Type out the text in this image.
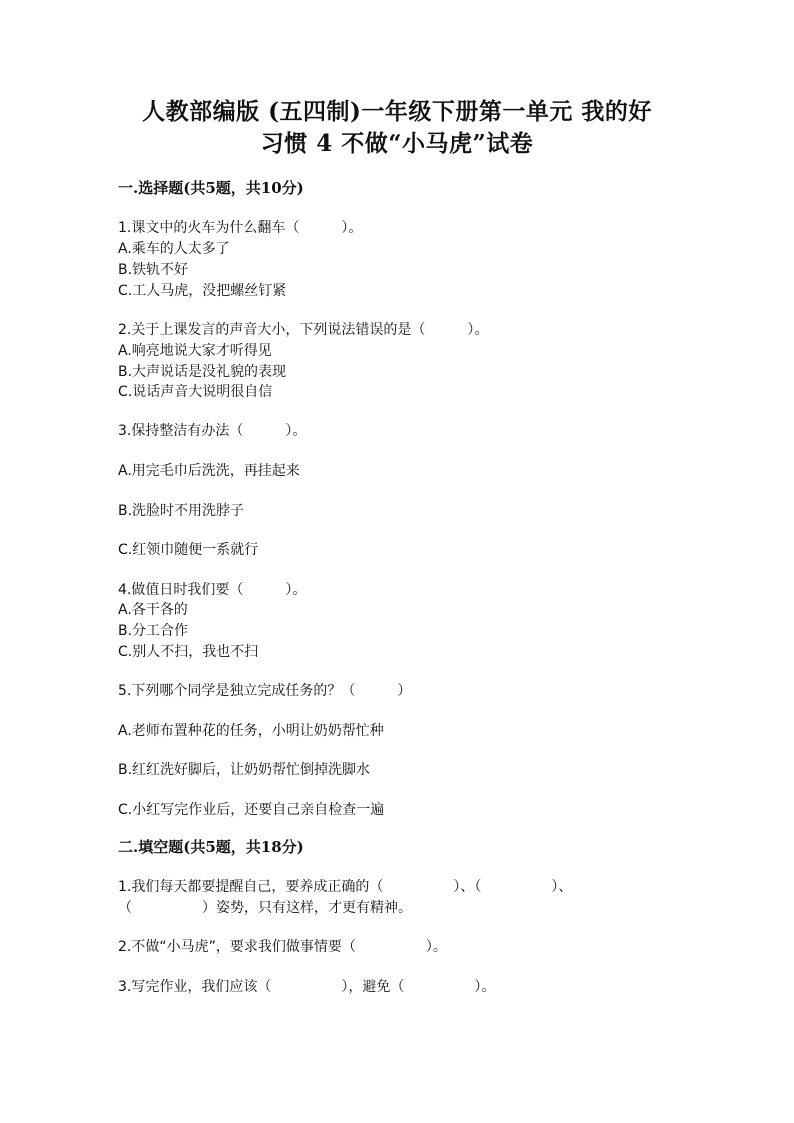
人教部编版 (五四制)一年级下册第一单元 我的好
习惯 4 不做“小马虎”试卷
一.选择题(共5题，共10分)
1.课文中的火车为什么翻车（　　　）。
A.乘车的人太多了
B.铁轨不好
C.工人马虎，没把螺丝钉紧
2.关于上课发言的声音大小，下列说法错误的是（　　　）。
A.响亮地说大家才听得见
B.大声说话是没礼貌的表现
C.说话声音大说明很自信
3.保持整洁有办法（　　　）。
A.用完毛巾后洗洗，再挂起来
B.洗脸时不用洗脖子
C.红领巾随便一系就行
4.做值日时我们要（　　　）。
A.各干各的
B.分工合作
C.别人不扫，我也不扫
5.下列哪个同学是独立完成任务的？（　　　）
A.老师布置种花的任务，小明让奶奶帮忙种
B.红红洗好脚后，让奶奶帮忙倒掉洗脚水
C.小红写完作业后，还要自己亲自检查一遍
二.填空题(共5题，共18分)
1.我们每天都要提醒自己，要养成正确的（　　　　　）、（　　　　　）、
（　　　　　）姿势，只有这样，才更有精神。
2.不做“小马虎”，要求我们做事情要（　　　　　）。
3.写完作业，我们应该（　　　　　），避免（　　　　　）。
